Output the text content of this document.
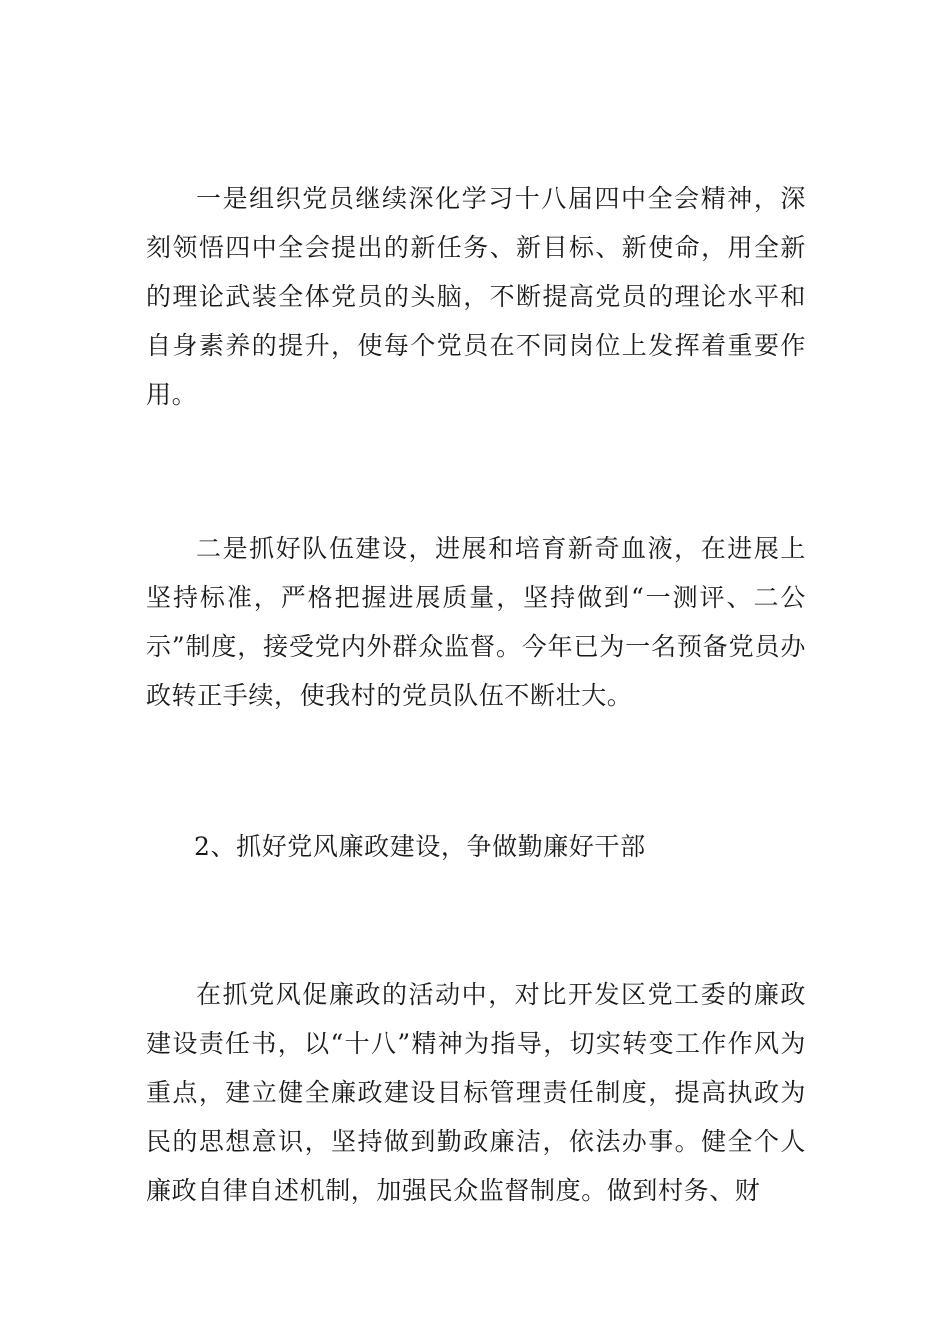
一是组织党员继续深化学习十八届四中全会精神，深刻领悟四中全会提出的新任务、新目标、新使命，用全新的理论武装全体党员的头脑，不断提高党员的理论水平和自身素养的提升，使每个党员在不同岗位上发挥着重要作用。

二是抓好队伍建设，进展和培育新奇血液，在进展上坚持标准，严格把握进展质量，坚持做到“一测评、二公示”制度，接受党内外群众监督。今年已为一名预备党员办政转正手续，使我村的党员队伍不断壮大。

2、抓好党风廉政建设，争做勤廉好干部

在抓党风促廉政的活动中，对比开发区党工委的廉政建设责任书，以“十八”精神为指导，切实转变工作作风为重点，建立健全廉政建设目标管理责任制度，提高执政为民的思想意识，坚持做到勤政廉洁，依法办事。健全个人廉政自律自述机制，加强民众监督制度。做到村务、财
